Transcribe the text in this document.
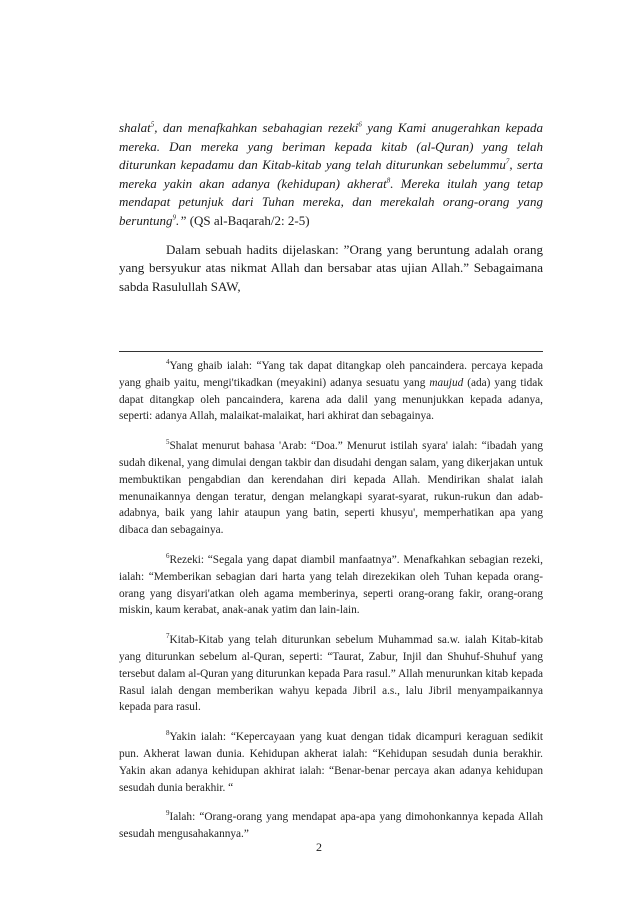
shalat$^5$, dan menafkahkan sebahagian rezeki$^6$ yang Kami anugerahkan kepada mereka. Dan mereka yang beriman kepada kitab (al-Quran) yang telah diturunkan kepadamu dan Kitab-kitab yang telah diturunkan sebelummu$^7$, serta mereka yakin akan adanya (kehidupan) akherat$^8$. Mereka itulah yang tetap mendapat petunjuk dari Tuhan mereka, dan merekalah orang-orang yang beruntung$^9$.” (QS al-Baqarah/2: 2-5)

Dalam sebuah hadits dijelaskan: ”Orang yang beruntung adalah orang yang bersyukur atas nikmat Allah dan bersabar atas ujian Allah.” Sebagaimana sabda Rasulullah SAW,

$^4$Yang ghaib ialah: “Yang tak dapat ditangkap oleh pancaindera. percaya kepada yang ghaib yaitu, mengi'tikadkan (meyakini) adanya sesuatu yang maujud (ada) yang tidak dapat ditangkap oleh pancaindera, karena ada dalil yang menunjukkan kepada adanya, seperti: adanya Allah, malaikat-malaikat, hari akhirat dan sebagainya.

$^5$Shalat menurut bahasa 'Arab: “Doa.” Menurut istilah syara' ialah: “ibadah yang sudah dikenal, yang dimulai dengan takbir dan disudahi dengan salam, yang dikerjakan untuk membuktikan pengabdian dan kerendahan diri kepada Allah. Mendirikan shalat ialah menunaikannya dengan teratur, dengan melangkapi syarat-syarat, rukun-rukun dan adab-adabnya, baik yang lahir ataupun yang batin, seperti khusyu', memperhatikan apa yang dibaca dan sebagainya.

$^6$Rezeki: “Segala yang dapat diambil manfaatnya”. Menafkahkan sebagian rezeki, ialah: “Memberikan sebagian dari harta yang telah direzekikan oleh Tuhan kepada orang-orang yang disyari'atkan oleh agama memberinya, seperti orang-orang fakir, orang-orang miskin, kaum kerabat, anak-anak yatim dan lain-lain.

$^7$Kitab-Kitab yang telah diturunkan sebelum Muhammad sa.w. ialah Kitab-kitab yang diturunkan sebelum al-Quran, seperti: “Taurat, Zabur, Injil dan Shuhuf-Shuhuf yang tersebut dalam al-Quran yang diturunkan kepada Para rasul.” Allah menurunkan kitab kepada Rasul ialah dengan memberikan wahyu kepada Jibril a.s., lalu Jibril menyampaikannya kepada para rasul.

$^8$Yakin ialah: “Kepercayaan yang kuat dengan tidak dicampuri keraguan sedikit pun. Akherat lawan dunia. Kehidupan akherat ialah: “Kehidupan sesudah dunia berakhir. Yakin akan adanya kehidupan akhirat ialah: “Benar-benar percaya akan adanya kehidupan sesudah dunia berakhir. “

$^9$Ialah: “Orang-orang yang mendapat apa-apa yang dimohonkannya kepada Allah sesudah mengusahakannya.”

2
